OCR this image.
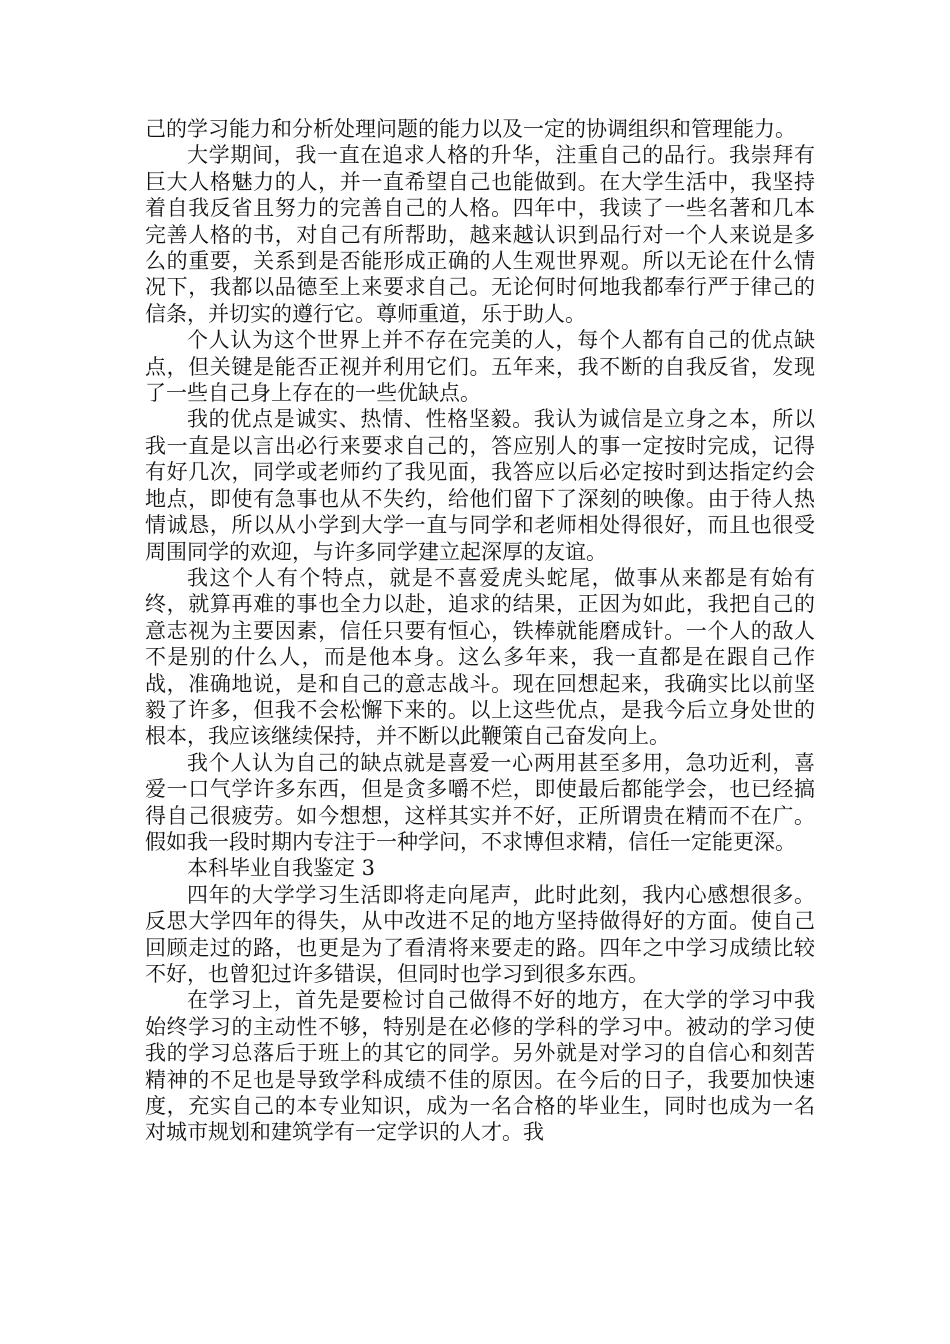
己的学习能力和分析处理问题的能力以及一定的协调组织和管理能力。

大学期间，我一直在追求人格的升华，注重自己的品行。我崇拜有巨大人格魅力的人，并一直希望自己也能做到。在大学生活中，我坚持着自我反省且努力的完善自己的人格。四年中，我读了一些名著和几本完善人格的书，对自己有所帮助，越来越认识到品行对一个人来说是多么的重要，关系到是否能形成正确的人生观世界观。所以无论在什么情况下，我都以品德至上来要求自己。无论何时何地我都奉行严于律己的信条，并切实的遵行它。尊师重道，乐于助人。

个人认为这个世界上并不存在完美的人，每个人都有自己的优点缺点，但关键是能否正视并利用它们。五年来，我不断的自我反省，发现了一些自己身上存在的一些优缺点。

我的优点是诚实、热情、性格坚毅。我认为诚信是立身之本，所以我一直是以言出必行来要求自己的，答应别人的事一定按时完成，记得有好几次，同学或老师约了我见面，我答应以后必定按时到达指定约会地点，即使有急事也从不失约，给他们留下了深刻的映像。由于待人热情诚恳，所以从小学到大学一直与同学和老师相处得很好，而且也很受周围同学的欢迎，与许多同学建立起深厚的友谊。

我这个人有个特点，就是不喜爱虎头蛇尾，做事从来都是有始有终，就算再难的事也全力以赴，追求的结果，正因为如此，我把自己的意志视为主要因素，信任只要有恒心，铁棒就能磨成针。一个人的敌人不是别的什么人，而是他本身。这么多年来，我一直都是在跟自己作战，准确地说，是和自己的意志战斗。现在回想起来，我确实比以前坚毅了许多，但我不会松懈下来的。以上这些优点，是我今后立身处世的根本，我应该继续保持，并不断以此鞭策自己奋发向上。

我个人认为自己的缺点就是喜爱一心两用甚至多用，急功近利，喜爱一口气学许多东西，但是贪多嚼不烂，即使最后都能学会，也已经搞得自己很疲劳。如今想想，这样其实并不好，正所谓贵在精而不在广。假如我一段时期内专注于一种学问，不求博但求精，信任一定能更深。

本科毕业自我鉴定 3

四年的大学学习生活即将走向尾声，此时此刻，我内心感想很多。反思大学四年的得失，从中改进不足的地方坚持做得好的方面。使自己回顾走过的路，也更是为了看清将来要走的路。四年之中学习成绩比较不好，也曾犯过许多错误，但同时也学习到很多东西。

在学习上，首先是要检讨自己做得不好的地方，在大学的学习中我始终学习的主动性不够，特别是在必修的学科的学习中。被动的学习使我的学习总落后于班上的其它的同学。另外就是对学习的自信心和刻苦精神的不足也是导致学科成绩不佳的原因。在今后的日子，我要加快速度，充实自己的本专业知识，成为一名合格的毕业生，同时也成为一名对城市规划和建筑学有一定学识的人才。我
